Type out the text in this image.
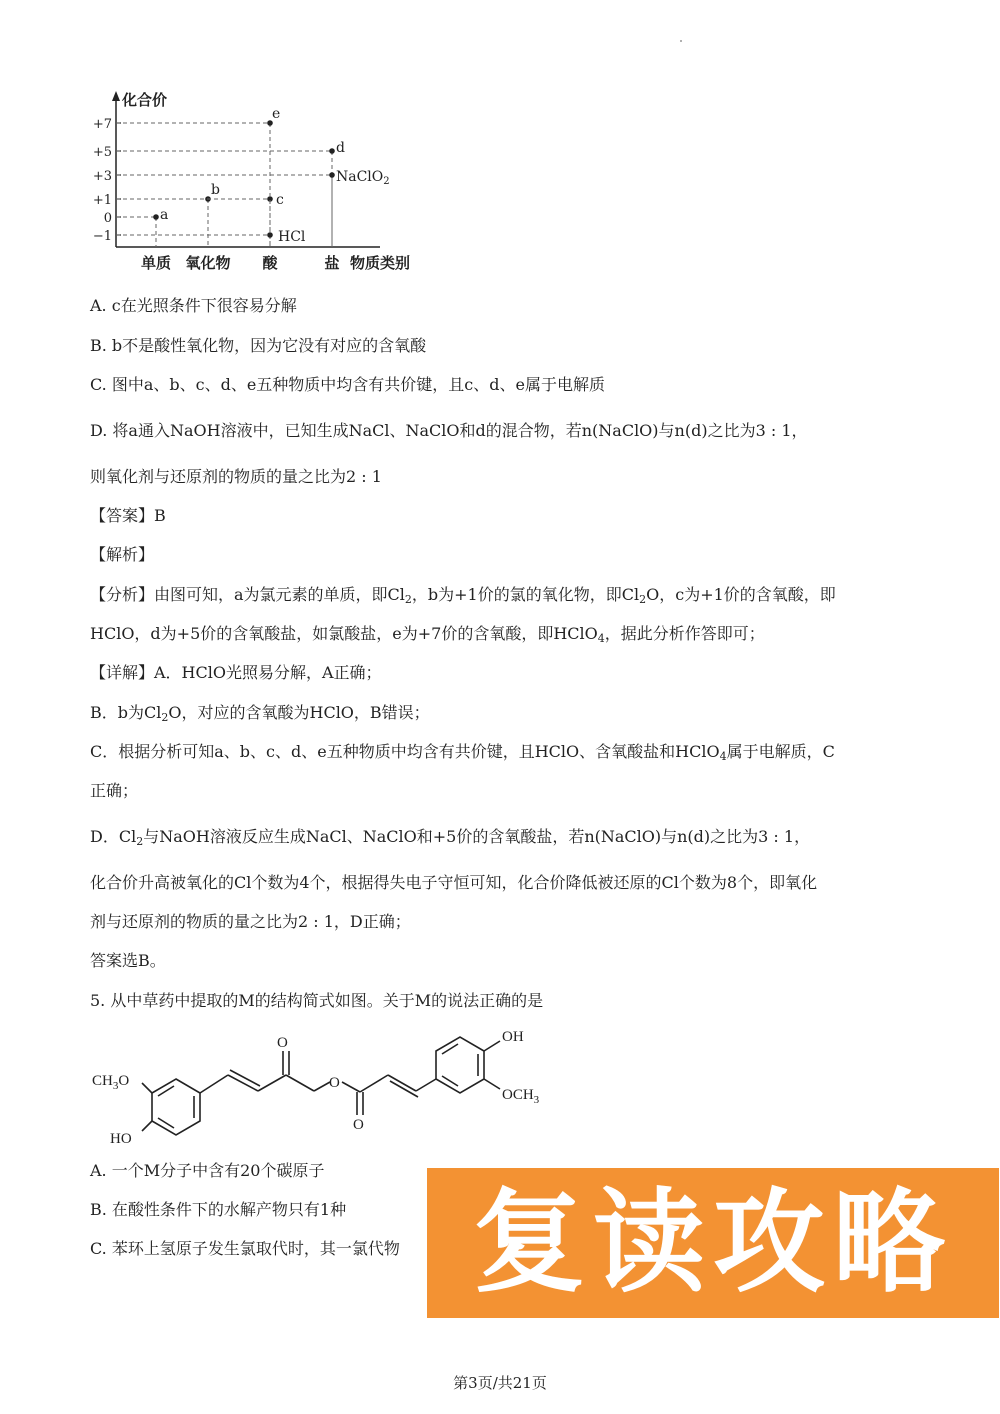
化合价
+7
+5
+3
+1
0
−1
单质 氧化物 酸	盐 物质类别
a
b
c
e
HCl
d
NaClO$_2$
A. c在光照条件下很容易分解
B. b不是酸性氧化物，因为它没有对应的含氧酸
C. 图中a、b、c、d、e五种物质中均含有共价键，且c、d、e属于电解质
D. 将a通入NaOH溶液中，已知生成NaCl、NaClO和d的混合物，若n(NaClO)与n(d)之比为3 : 1，
则氧化剂与还原剂的物质的量之比为2 : 1
【答案】B
【解析】
【分析】由图可知，a为氯元素的单质，即$Cl_2$，b为+1价的氯的氧化物，即$Cl_2O$，c为+1价的含氧酸，即
HClO，d为+5价的含氧酸盐，如氯酸盐，e为+7价的含氧酸，即HClO$_4$，据此分析作答即可；
【详解】A．HClO光照易分解，A正确；
B．b为$Cl_2O$，对应的含氧酸为HClO，B错误；
C．根据分析可知a、b、c、d、e五种物质中均含有共价键，且HClO、含氧酸盐和HClO$_4$属于电解质，C
正确；
D．$Cl_2$与NaOH溶液反应生成NaCl、NaClO和+5价的含氧酸盐，若n(NaClO)与n(d)之比为3 : 1，
化合价升高被氧化的Cl个数为4个，根据得失电子守恒可知，化合价降低被还原的Cl个数为8个，即氧化
剂与还原剂的物质的量之比为2 : 1，D正确；
答案选B。
5. 从中草药中提取的M的结构简式如图。关于M的说法正确的是
$CH_3O$
HO
O
O
O
OH
$OCH_3$
A. 一个M分子中含有20个碳原子
B. 在酸性条件下的水解产物只有1种
C. 苯环上氢原子发生氯取代时，其一氯代物 复读攻略
第3页/共21页
